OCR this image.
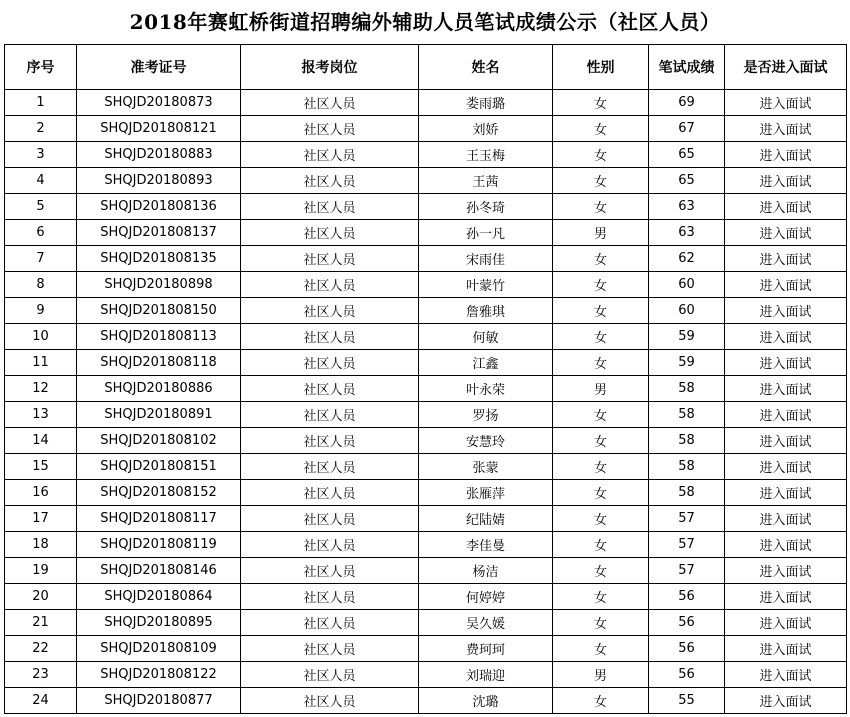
2018年赛虹桥街道招聘编外辅助人员笔试成绩公示（社区人员）
序号	准考证号	报考岗位	姓名	性别	笔试成绩	是否进入面试
1	SHQJD20180873	社区人员	娄雨璐	女	69	进入面试
2	SHQJD201808121	社区人员	刘娇	女	67	进入面试
3	SHQJD20180883	社区人员	王玉梅	女	65	进入面试
4	SHQJD20180893	社区人员	王茜	女	65	进入面试
5	SHQJD201808136	社区人员	孙冬琦	女	63	进入面试
6	SHQJD201808137	社区人员	孙一凡	男	63	进入面试
7	SHQJD201808135	社区人员	宋雨佳	女	62	进入面试
8	SHQJD20180898	社区人员	叶蒙竹	女	60	进入面试
9	SHQJD201808150	社区人员	詹雅琪	女	60	进入面试
10	SHQJD201808113	社区人员	何敏	女	59	进入面试
11	SHQJD201808118	社区人员	江鑫	女	59	进入面试
12	SHQJD20180886	社区人员	叶永荣	男	58	进入面试
13	SHQJD20180891	社区人员	罗扬	女	58	进入面试
14	SHQJD201808102	社区人员	安慧玲	女	58	进入面试
15	SHQJD201808151	社区人员	张蒙	女	58	进入面试
16	SHQJD201808152	社区人员	张雁萍	女	58	进入面试
17	SHQJD201808117	社区人员	纪陆婧	女	57	进入面试
18	SHQJD201808119	社区人员	李佳曼	女	57	进入面试
19	SHQJD201808146	社区人员	杨洁	女	57	进入面试
20	SHQJD20180864	社区人员	何婷婷	女	56	进入面试
21	SHQJD20180895	社区人员	吴久媛	女	56	进入面试
22	SHQJD201808109	社区人员	费珂珂	女	56	进入面试
23	SHQJD201808122	社区人员	刘瑞迎	男	56	进入面试
24	SHQJD20180877	社区人员	沈璐	女	55	进入面试
